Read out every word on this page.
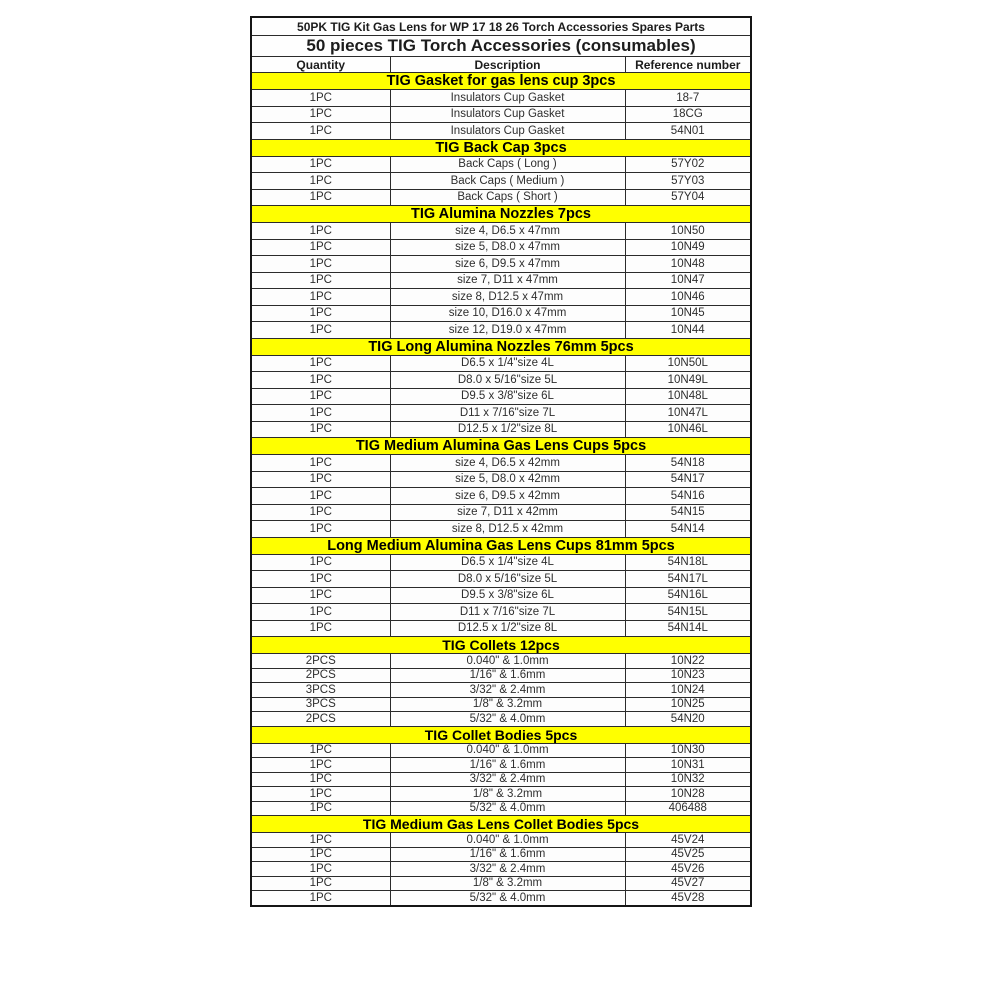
50PK TIG Kit Gas Lens for WP 17 18 26 Torch Accessories Spares Parts		
50 pieces TIG Torch Accessories (consumables)		
Quantity	Description	Reference number
TIG Gasket for gas lens cup 3pcs		
1PC	Insulators Cup Gasket	18-7
1PC	Insulators Cup Gasket	18CG
1PC	Insulators Cup Gasket	54N01
TIG Back Cap 3pcs		
1PC	Back Caps ( Long )	57Y02
1PC	Back Caps ( Medium )	57Y03
1PC	Back Caps ( Short )	57Y04
TIG Alumina Nozzles 7pcs		
1PC	size 4, D6.5 x 47mm	10N50
1PC	size 5, D8.0 x 47mm	10N49
1PC	size 6, D9.5 x 47mm	10N48
1PC	size 7, D11 x 47mm	10N47
1PC	size 8, D12.5 x 47mm	10N46
1PC	size 10, D16.0 x 47mm	10N45
1PC	size 12, D19.0 x 47mm	10N44
TIG Long Alumina Nozzles 76mm 5pcs		
1PC	D6.5 x 1/4"size 4L	10N50L
1PC	D8.0 x 5/16"size 5L	10N49L
1PC	D9.5 x 3/8"size 6L	10N48L
1PC	D11 x 7/16"size 7L	10N47L
1PC	D12.5 x 1/2"size 8L	10N46L
TIG Medium Alumina Gas Lens Cups 5pcs		
1PC	size 4, D6.5 x 42mm	54N18
1PC	size 5, D8.0 x 42mm	54N17
1PC	size 6, D9.5 x 42mm	54N16
1PC	size 7, D11 x 42mm	54N15
1PC	size 8, D12.5 x 42mm	54N14
Long Medium Alumina Gas Lens Cups 81mm 5pcs		
1PC	D6.5 x 1/4"size 4L	54N18L
1PC	D8.0 x 5/16"size 5L	54N17L
1PC	D9.5 x 3/8"size 6L	54N16L
1PC	D11 x 7/16"size 7L	54N15L
1PC	D12.5 x 1/2"size 8L	54N14L
TIG Collets 12pcs		
2PCS	0.040" & 1.0mm	10N22
2PCS	1/16" & 1.6mm	10N23
3PCS	3/32" & 2.4mm	10N24
3PCS	1/8" & 3.2mm	10N25
2PCS	5/32" & 4.0mm	54N20
TIG Collet Bodies 5pcs		
1PC	0.040" & 1.0mm	10N30
1PC	1/16" & 1.6mm	10N31
1PC	3/32" & 2.4mm	10N32
1PC	1/8" & 3.2mm	10N28
1PC	5/32" & 4.0mm	406488
TIG Medium Gas Lens Collet Bodies 5pcs		
1PC	0.040" & 1.0mm	45V24
1PC	1/16" & 1.6mm	45V25
1PC	3/32" & 2.4mm	45V26
1PC	1/8" & 3.2mm	45V27
1PC	5/32" & 4.0mm	45V28
